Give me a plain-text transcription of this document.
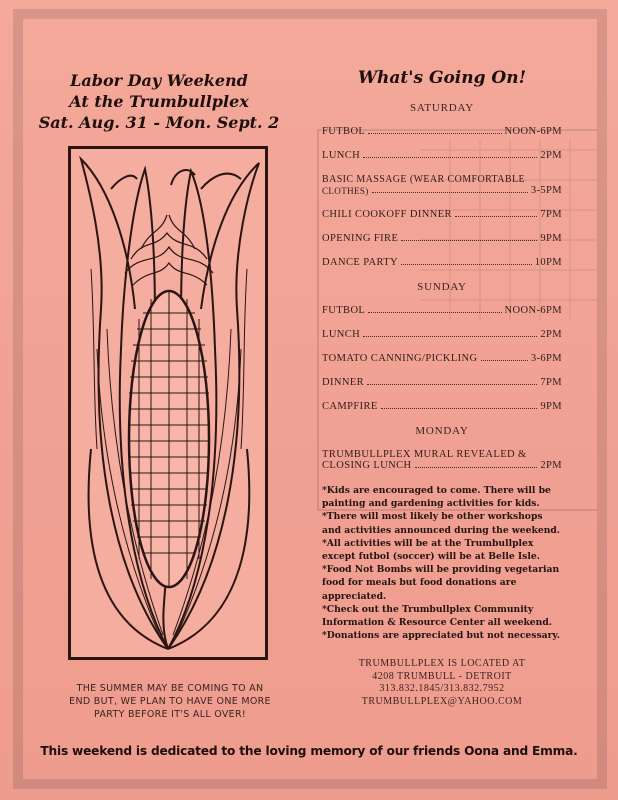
Labor Day Weekend
At the Trumbullplex
Sat. Aug. 31 - Mon. Sept. 2
THE SUMMER MAY BE COMING TO AN
END BUT, WE PLAN TO HAVE ONE MORE
PARTY BEFORE IT'S ALL OVER!
What's Going On!
SATURDAY
FUTBOL	NOON-6PM
LUNCH	2PM
BASIC MASSAGE (WEAR COMFORTABLE
CLOTHES)	3-5PM
CHILI COOKOFF DINNER	7PM
OPENING FIRE	9PM
DANCE PARTY	10PM
SUNDAY
FUTBOL	NOON-6PM
LUNCH	2PM
TOMATO CANNING/PICKLING	3-6PM
DINNER	7PM
CAMPFIRE	9PM
MONDAY
TRUMBULLPLEX MURAL REVEALED &
CLOSING LUNCH	2PM

*Kids are encouraged to come. There will be painting and gardening activities for kids.

*There will most likely be other workshops and activities announced during the weekend.

*All activities will be at the Trumbullplex except futbol (soccer) will be at Belle Isle.

*Food Not Bombs will be providing vegetarian food for meals but food donations are appreciated.

*Check out the Trumbullplex Community Information & Resource Center all weekend.

*Donations are appreciated but not necessary.

TRUMBULLPLEX IS LOCATED AT
4208 TRUMBULL - DETROIT
313.832.1845/313.832.7952
TRUMBULLPLEX@YAHOO.COM
This weekend is dedicated to the loving memory of our friends Oona and Emma.
